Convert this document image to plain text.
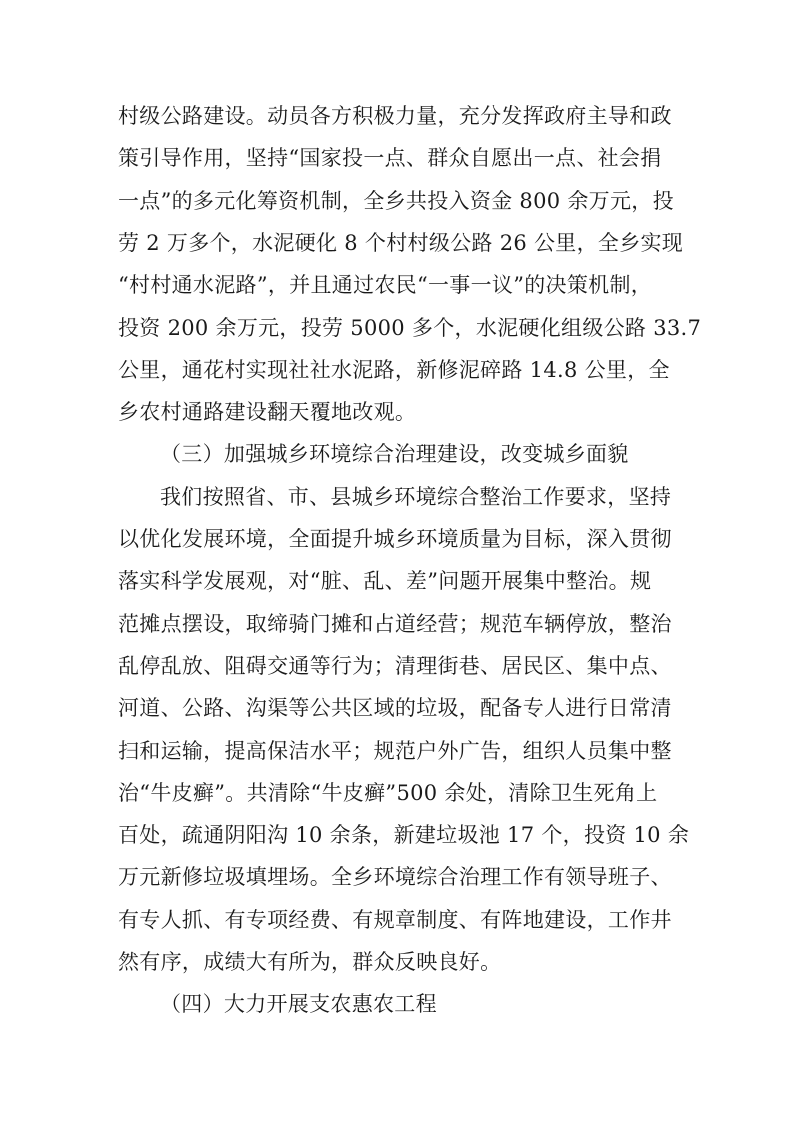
村级公路建设。动员各方积极力量，充分发挥政府主导和政
策引导作用，坚持“国家投一点、群众自愿出一点、社会捐
一点”的多元化筹资机制，全乡共投入资金 800 余万元，投
劳 2 万多个，水泥硬化 8 个村村级公路 26 公里，全乡实现
“村村通水泥路”，并且通过农民“一事一议”的决策机制，
投资 200 余万元，投劳 5000 多个，水泥硬化组级公路 33.7
公里，通花村实现社社水泥路，新修泥碎路 14.8 公里，全
乡农村通路建设翻天覆地改观。
（三）加强城乡环境综合治理建设，改变城乡面貌
我们按照省、市、县城乡环境综合整治工作要求，坚持
以优化发展环境，全面提升城乡环境质量为目标，深入贯彻
落实科学发展观，对“脏、乱、差”问题开展集中整治。规
范摊点摆设，取缔骑门摊和占道经营；规范车辆停放，整治
乱停乱放、阻碍交通等行为；清理街巷、居民区、集中点、
河道、公路、沟渠等公共区域的垃圾，配备专人进行日常清
扫和运输，提高保洁水平；规范户外广告，组织人员集中整
治“牛皮癣”。共清除“牛皮癣”500 余处，清除卫生死角上
百处，疏通阴阳沟 10 余条，新建垃圾池 17 个，投资 10 余
万元新修垃圾填埋场。全乡环境综合治理工作有领导班子、
有专人抓、有专项经费、有规章制度、有阵地建设，工作井
然有序，成绩大有所为，群众反映良好。
（四）大力开展支农惠农工程
